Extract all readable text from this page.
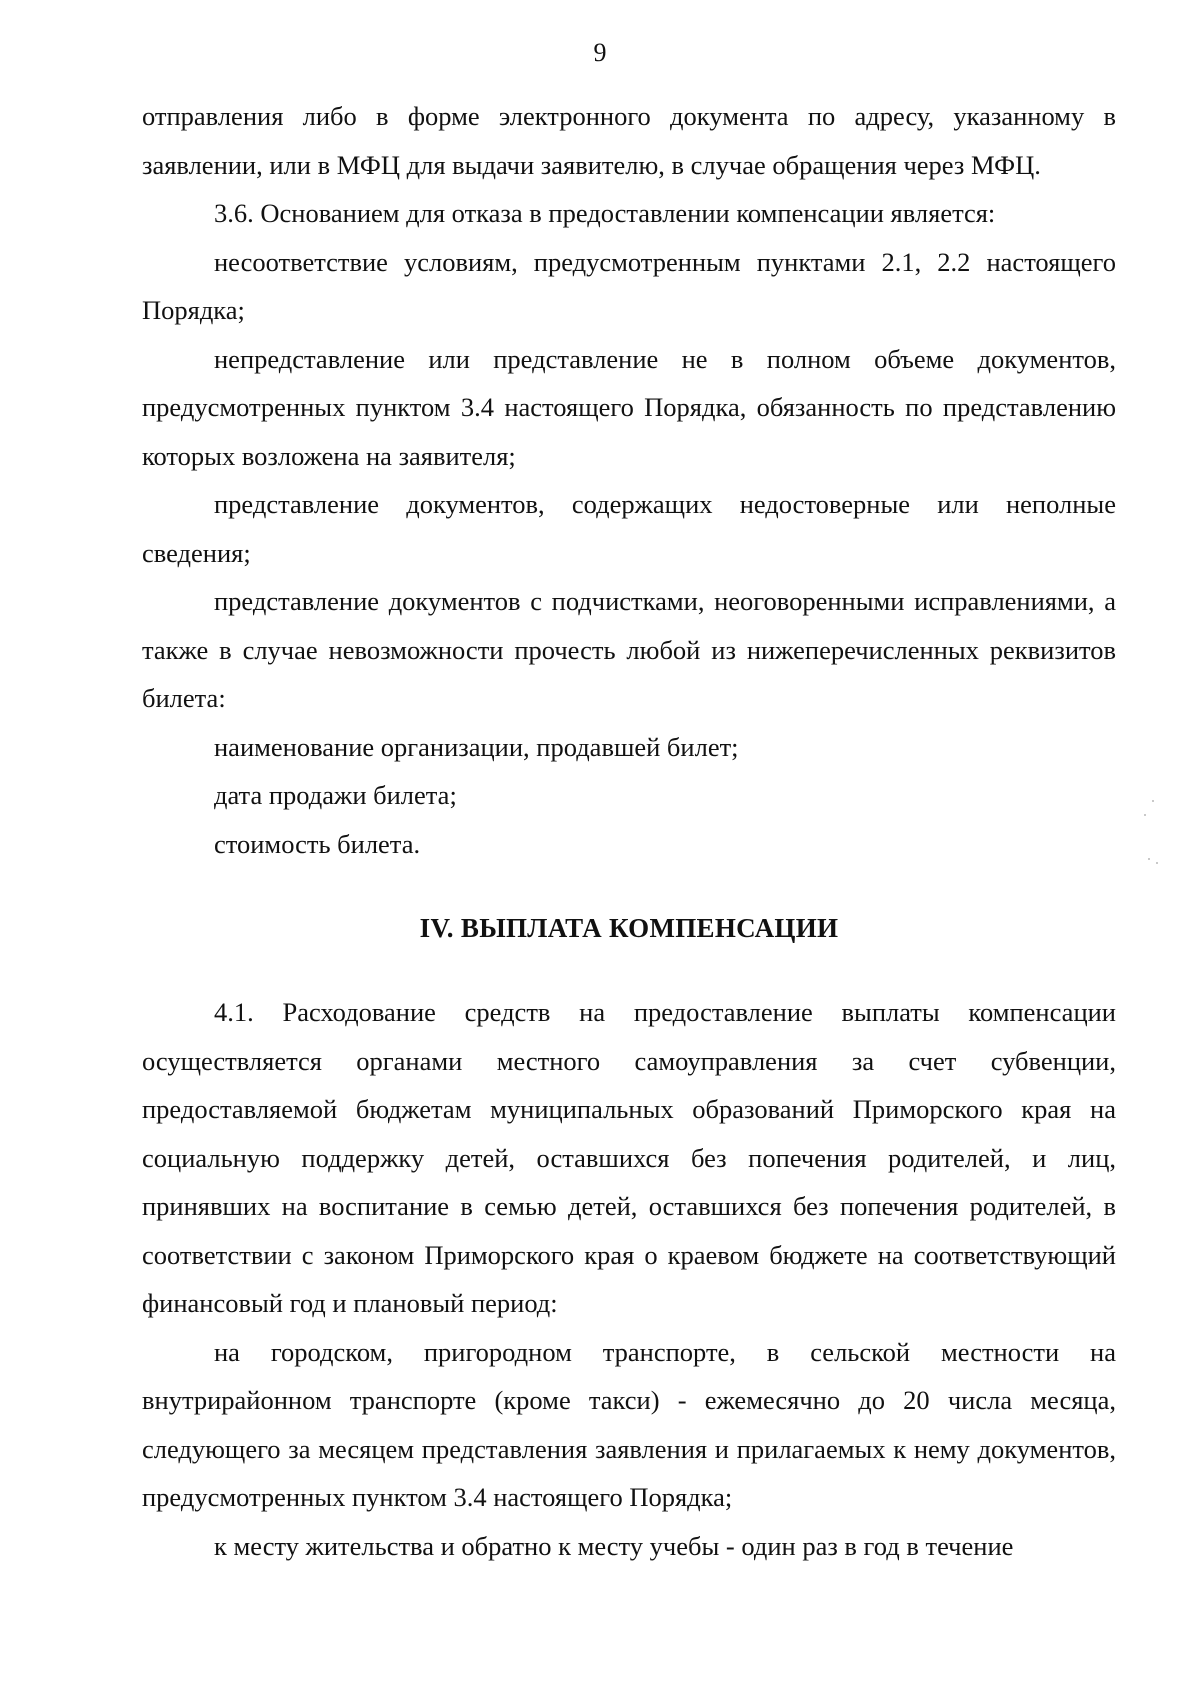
9

отправления либо в форме электронного документа по адресу, указанному в заявлении, или в МФЦ для выдачи заявителю, в случае обращения через МФЦ.

3.6. Основанием для отказа в предоставлении компенсации является:

несоответствие условиям, предусмотренным пунктами 2.1, 2.2 настоящего Порядка;

непредставление или представление не в полном объеме документов, предусмотренных пунктом 3.4 настоящего Порядка, обязанность по представлению которых возложена на заявителя;

представление документов, содержащих недостоверные или неполные сведения;

представление документов с подчистками, неоговоренными исправлениями, а также в случае невозможности прочесть любой из нижеперечисленных реквизитов билета:

наименование организации, продавшей билет;

дата продажи билета;

стоимость билета.

IV. ВЫПЛАТА КОМПЕНСАЦИИ

4.1. Расходование средств на предоставление выплаты компенсации осуществляется органами местного самоуправления за счет субвенции, предоставляемой бюджетам муниципальных образований Приморского края на социальную поддержку детей, оставшихся без попечения родителей, и лиц, принявших на воспитание в семью детей, оставшихся без попечения родителей, в соответствии с законом Приморского края о краевом бюджете на соответствующий финансовый год и плановый период:

на городском, пригородном транспорте, в сельской местности на внутрирайонном транспорте (кроме такси) - ежемесячно до 20 числа месяца, следующего за месяцем представления заявления и прилагаемых к нему документов, предусмотренных пунктом 3.4 настоящего Порядка;

к месту жительства и обратно к месту учебы - один раз в год в течение
